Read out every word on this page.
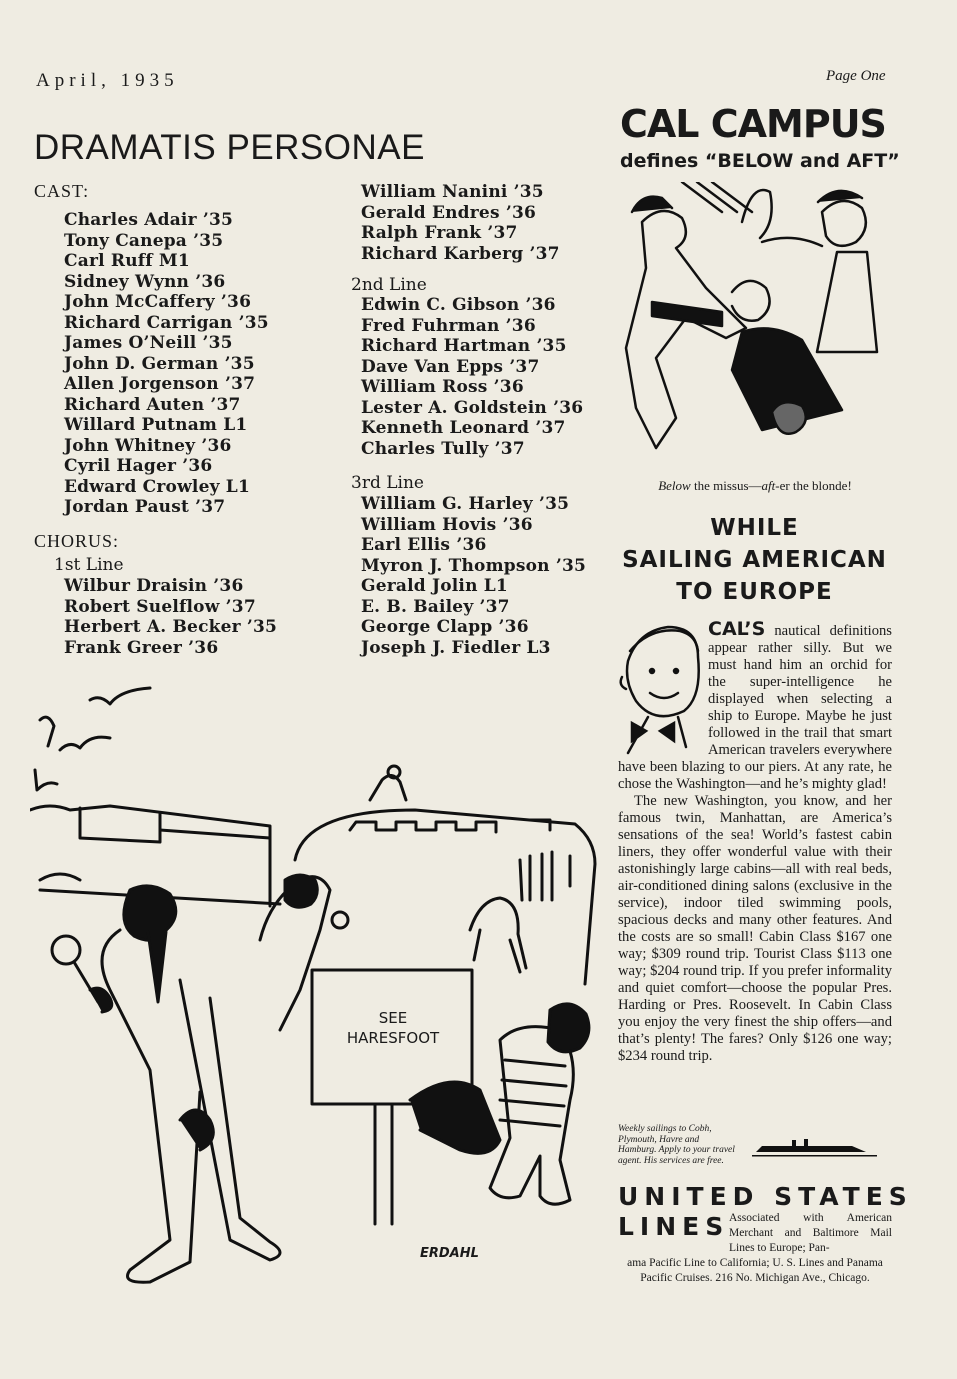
April, 1935	Page One
DRAMATIS PERSONAE
CAST:
Charles Adair ’35
Tony Canepa ’35
Carl Ruff M1
Sidney Wynn ’36
John McCaffery ’36
Richard Carrigan ’35
James O’Neill ’35
John D. German ’35
Allen Jorgenson ’37
Richard Auten ’37
Willard Putnam L1
John Whitney ’36
Cyril Hager ’36
Edward Crowley L1
Jordan Paust ’37
CHORUS:
1st Line
Wilbur Draisin ’36
Robert Suelflow ’37
Herbert A. Becker ’35
Frank Greer ’36
William Nanini ’35
Gerald Endres ’36
Ralph Frank ’37
Richard Karberg ’37
2nd Line
Edwin C. Gibson ’36
Fred Fuhrman ’36
Richard Hartman ’35
Dave Van Epps ’37
William Ross ’36
Lester A. Goldstein ’36
Kenneth Leonard ’37
Charles Tully ’37
3rd Line
William G. Harley ’35
William Hovis ’36
Earl Ellis ’36
Myron J. Thompson ’35
Gerald Jolin L1
E. B. Bailey ’37
George Clapp ’36
Joseph J. Fiedler L3
SEE
HARESFOOT
ERDAHL
CAL CAMPUS
defines “BELOW and AFT”
Below the missus—aft-er the blonde!
WHILE
SAILING AMERICAN
TO EUROPE

CAL’S nautical definitions appear rather silly. But we must hand him an orchid for the super-intelligence he displayed when selecting a ship to Europe. Maybe he just followed in the trail that smart American travelers everywhere have been blazing to our piers. At any rate, he chose the Washington—and he’s mighty glad!

The new Washington, you know, and her famous twin, Manhattan, are America’s sensations of the sea! World’s fastest cabin liners, they offer wonderful value with their astonishingly large cabins—all with real beds, air-conditioned dining salons (exclusive in the service), indoor tiled swimming pools, spacious decks and many other features. And the costs are so small! Cabin Class $167 one way; $309 round trip. Tourist Class $113 one way; $204 round trip. If you prefer informality and quiet comfort—choose the popular Pres. Harding or Pres. Roosevelt. In Cabin Class you enjoy the very finest the ship offers—and that’s plenty! The fares? Only $126 one way; $234 round trip.

Weekly sailings to Cobh, Plymouth, Havre and Hamburg. Apply to your travel agent. His services are free.
UNITED STATES
LINES Associated with American Merchant and Baltimore Mail Lines to Europe; Pan-
ama Pacific Line to California; U. S. Lines and Panama Pacific Cruises. 216 No. Michigan Ave., Chicago.
